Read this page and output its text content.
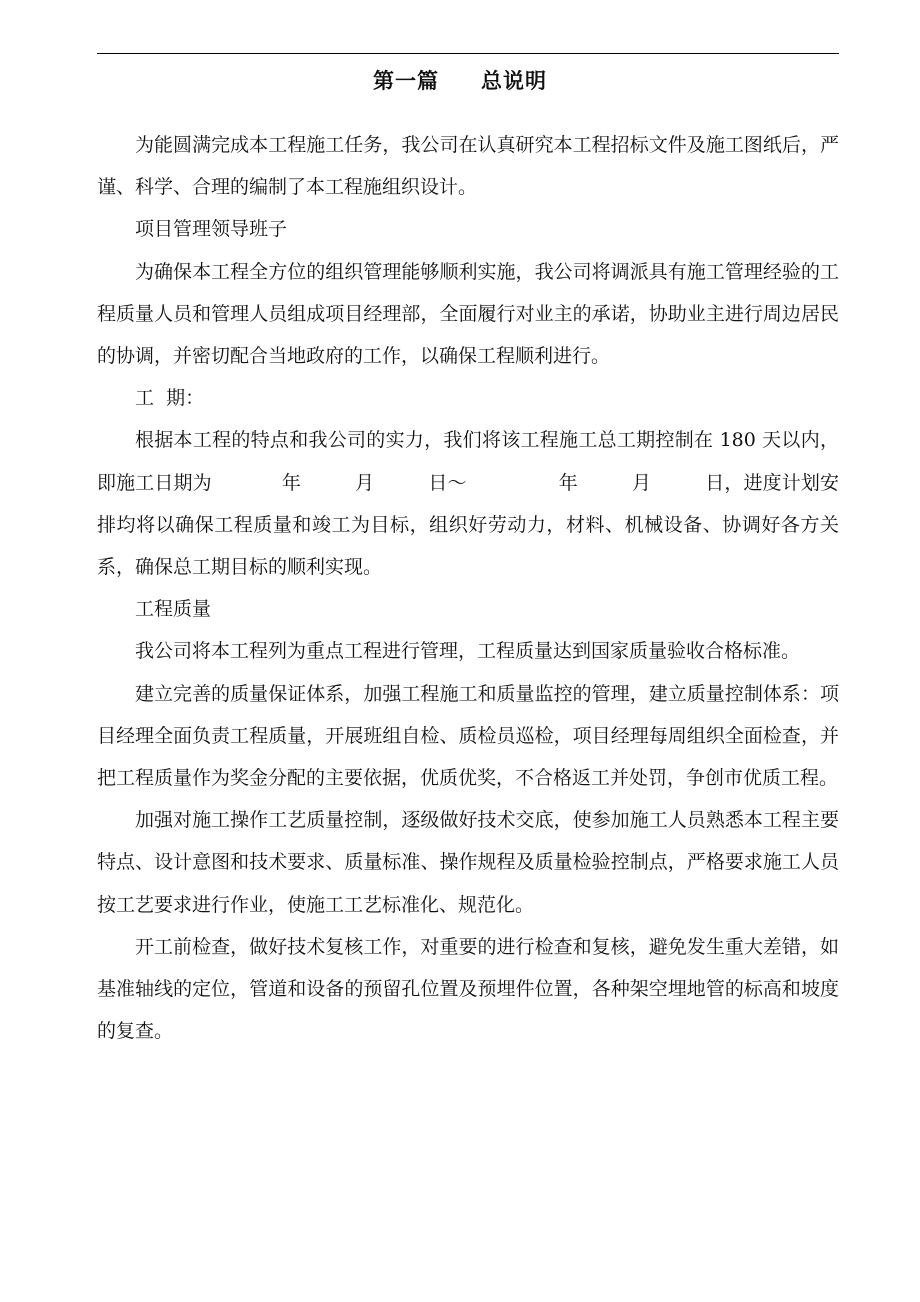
第一篇 总说明

为能圆满完成本工程施工任务，我公司在认真研究本工程招标文件及施工图纸后，严谨、科学、合理的编制了本工程施组织设计。

项目管理领导班子

为确保本工程全方位的组织管理能够顺利实施，我公司将调派具有施工管理经验的工程质量人员和管理人员组成项目经理部，全面履行对业主的承诺，协助业主进行周边居民的协调，并密切配合当地政府的工作，以确保工程顺利进行。

工  期：

根据本工程的特点和我公司的实力，我们将该工程施工总工期控制在 180 天以内，即施工日期为	年	月	日～	年	月	日，进度计划安排均将以确保工程质量和竣工为目标，组织好劳动力，材料、机械设备、协调好各方关系，确保总工期目标的顺利实现。

工程质量

我公司将本工程列为重点工程进行管理，工程质量达到国家质量验收合格标准。

建立完善的质量保证体系，加强工程施工和质量监控的管理，建立质量控制体系：项目经理全面负责工程质量，开展班组自检、质检员巡检，项目经理每周组织全面检查，并把工程质量作为奖金分配的主要依据，优质优奖，不合格返工并处罚，争创市优质工程。

加强对施工操作工艺质量控制，逐级做好技术交底，使参加施工人员熟悉本工程主要特点、设计意图和技术要求、质量标准、操作规程及质量检验控制点，严格要求施工人员按工艺要求进行作业，使施工工艺标准化、规范化。

开工前检查，做好技术复核工作，对重要的进行检查和复核，避免发生重大差错，如基准轴线的定位，管道和设备的预留孔位置及预埋件位置，各种架空埋地管的标高和坡度的复查。
